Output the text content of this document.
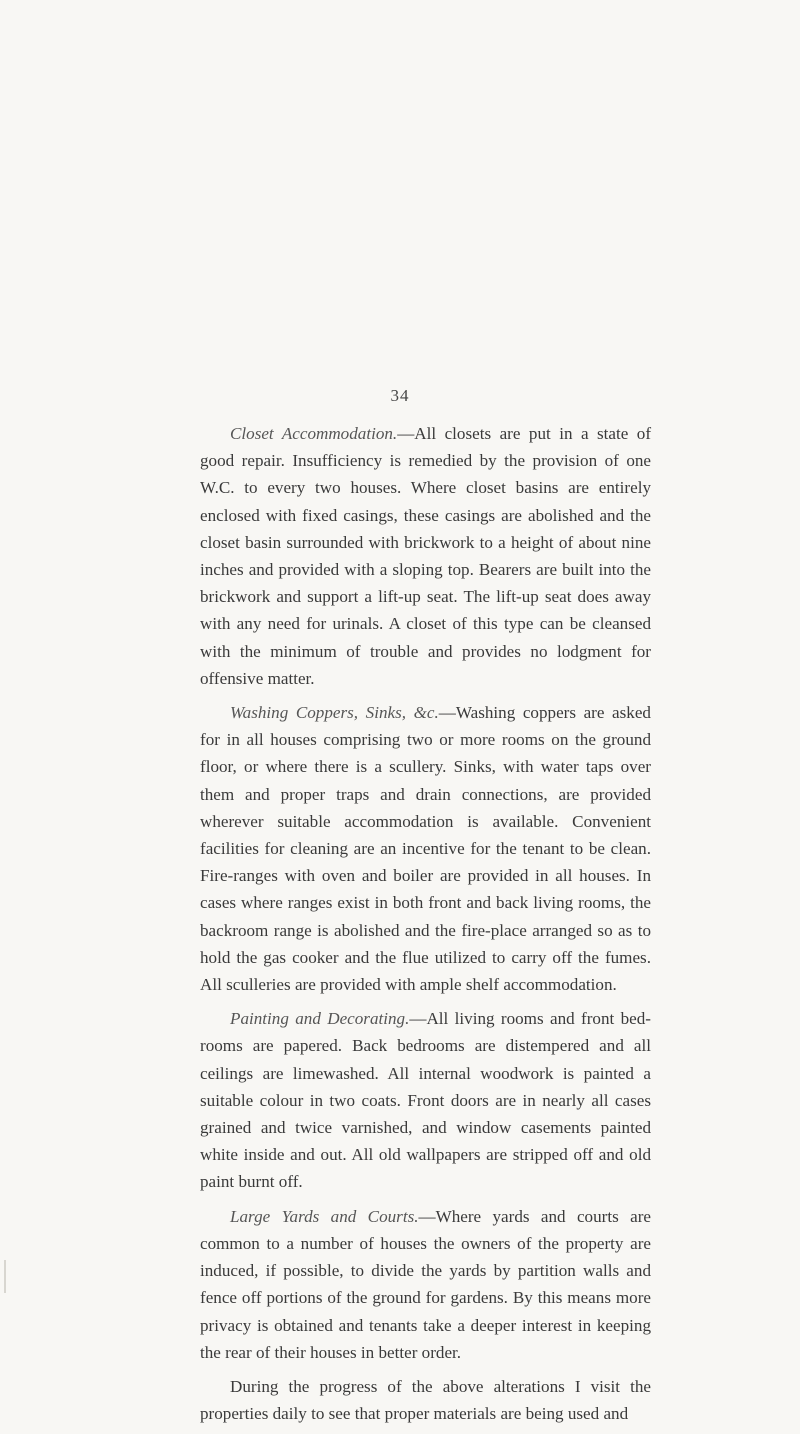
34

Closet Accommodation.—All closets are put in a state of good repair. Insufficiency is remedied by the provision of one W.C. to every two houses. Where closet basins are entirely enclosed with fixed casings, these casings are abolished and the closet basin surrounded with brickwork to a height of about nine inches and provided with a sloping top. Bearers are built into the brickwork and support a lift-up seat. The lift-up seat does away with any need for urinals. A closet of this type can be cleansed with the minimum of trouble and provides no lodgment for offensive matter.

Washing Coppers, Sinks, &c.—Washing coppers are asked for in all houses comprising two or more rooms on the ground floor, or where there is a scullery. Sinks, with water taps over them and proper traps and drain connections, are provided wherever suitable accommodation is available. Convenient facilities for cleaning are an incentive for the tenant to be clean. Fire-ranges with oven and boiler are provided in all houses. In cases where ranges exist in both front and back living rooms, the backroom range is abolished and the fire-place arranged so as to hold the gas cooker and the flue utilized to carry off the fumes. All sculleries are provided with ample shelf accommodation.

Painting and Decorating.—All living rooms and front bedrooms are papered. Back bedrooms are distempered and all ceilings are limewashed. All internal woodwork is painted a suitable colour in two coats. Front doors are in nearly all cases grained and twice varnished, and window casements painted white inside and out. All old wallpapers are stripped off and old paint burnt off.

Large Yards and Courts.—Where yards and courts are common to a number of houses the owners of the property are induced, if possible, to divide the yards by partition walls and fence off portions of the ground for gardens. By this means more privacy is obtained and tenants take a deeper interest in keeping the rear of their houses in better order.

During the progress of the above alterations I visit the properties daily to see that proper materials are being used and
